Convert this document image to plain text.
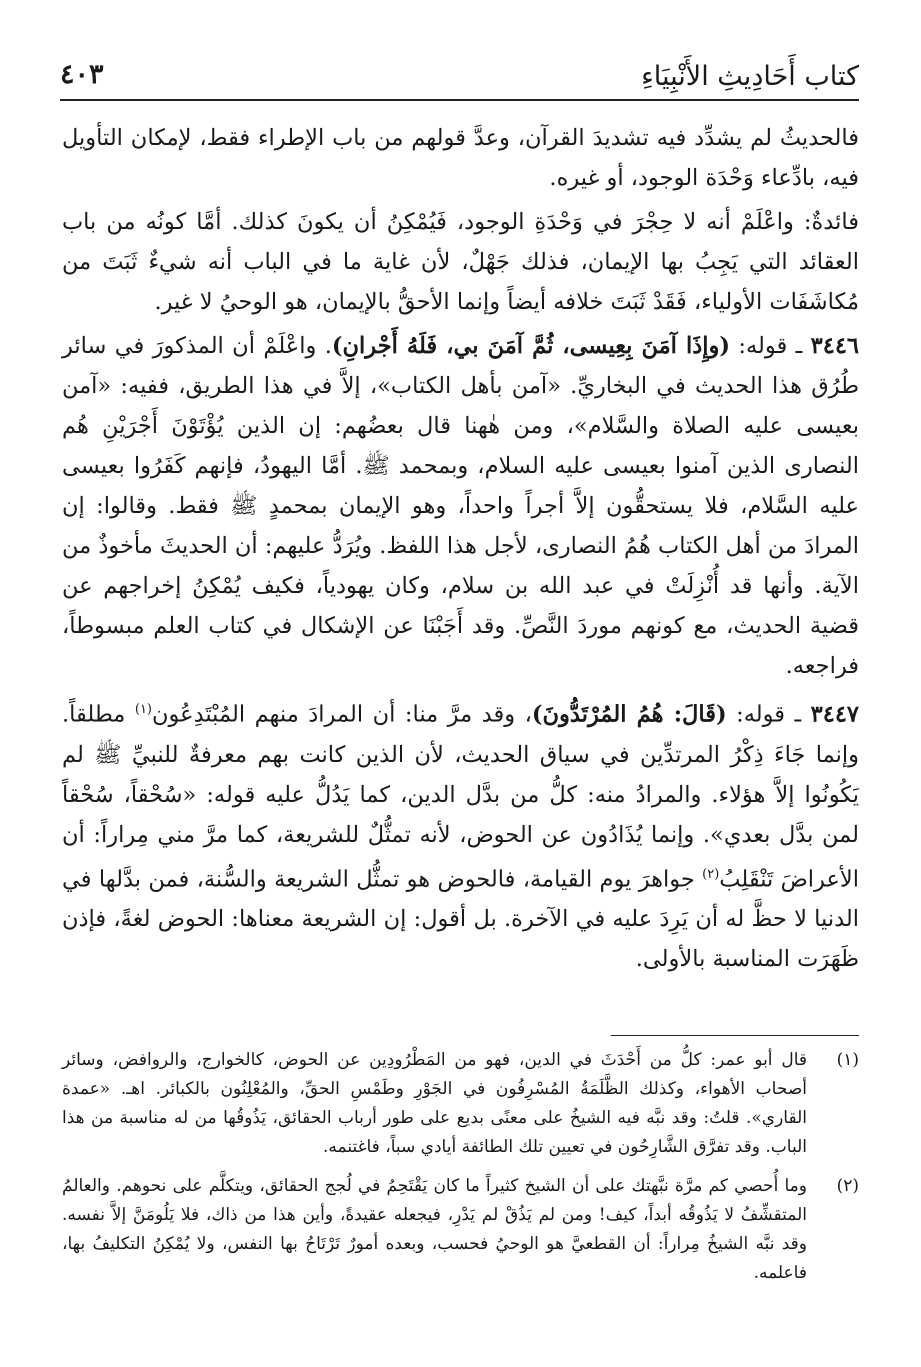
كتاب أَحَادِيثِ الأَنْبِيَاءِ
٤٠٣

فالحديثُ لم يشدِّد فيه تشديدَ القرآن، وعدَّ قولهم من باب الإطراء فقط، لإمكان التأويل فيه، بادِّعاء وَحْدَة الوجود، أو غيره.

فائدةٌ: واعْلَمْ أنه لا حِجْرَ في وَحْدَةِ الوجود، فَيُمْكِنُ أن يكونَ كذلك. أمَّا كونُه من باب العقائد التي يَجِبُ بها الإيمان، فذلك جَهْلٌ، لأن غاية ما في الباب أنه شيءٌ ثَبَتَ من مُكاشَفَات الأولياء، فَقَدْ ثَبَتَ خلافه أيضاً وإنما الأحقُّ بالإيمان، هو الوحيُ لا غير.

٣٤٤٦ ـ قوله: (وإِذَا آمَنَ بِعِيسى، ثُمَّ آمَنَ بي، فَلَهُ أَجْرانِ). واعْلَمْ أن المذكورَ في سائر طُرُق هذا الحديث في البخاريِّ. «آمن بأهل الكتاب»، إلاَّ في هذا الطريق، ففيه: «آمن بعيسى عليه الصلاة والسَّلام»، ومن هٰهنا قال بعضُهم: إن الذين يُؤْتَوْنَ أَجْرَيْنِ هُم النصارى الذين آمنوا بعيسى عليه السلام، وبمحمد ﷺ. أمَّا اليهودُ، فإنهم كَفَرُوا بعيسى عليه السَّلام، فلا يستحقُّون إلاَّ أجراً واحداً، وهو الإيمان بمحمدٍ ﷺ فقط. وقالوا: إن المرادَ من أهل الكتاب هُمُ النصارى، لأجل هذا اللفظ. ويُرَدُّ عليهم: أن الحديثَ مأخوذٌ من الآية. وأنها قد أُنْزِلَتْ في عبد الله بن سلام، وكان يهودياً، فكيف يُمْكِنُ إخراجهم عن قضية الحديث، مع كونهم موردَ النَّصِّ. وقد أَجَبْنَا عن الإشكال في كتاب العلم مبسوطاً، فراجعه.

٣٤٤٧ ـ قوله: (قَالَ: هُمُ المُرْتَدُّونَ)، وقد مرَّ منا: أن المرادَ منهم المُبْتَدِعُون$^{(١)}$ مطلقاً. وإنما جَاءَ ذِكْرُ المرتدِّين في سياق الحديث، لأن الذين كانت بهم معرفةٌ للنبيِّ ﷺ لم يَكُونُوا إلاَّ هؤلاء. والمرادُ منه: كلُّ من بدَّل الدين، كما يَدُلُّ عليه قوله: «سُحْقاً، سُحْقاً لمن بدَّل بعدي». وإنما يُذَادُون عن الحوض، لأنه تمثُّلٌ للشريعة، كما مرَّ مني مِراراً: أن الأعراضَ تَنْقَلِبُ$^{(٢)}$ جواهرَ يوم القيامة، فالحوض هو تمثُّل الشريعة والسُّنة، فمن بدَّلها في الدنيا لا حظَّ له أن يَرِدَ عليه في الآخرة. بل أقول: إن الشريعة معناها: الحوض لغةً، فإذن ظَهَرَت المناسبة بالأولى.

(١)
قال أبو عمر: كلُّ من أَحْدَثَ في الدين، فهو من المَطْرُودِين عن الحوض، كالخوارج، والروافض، وسائر أصحاب الأهواء، وكذلك الظَّلَمَةُ المُسْرِفُون في الجَوْرِ وطَمْسِ الحقِّ، والمُعْلِنُون بالكبائر. اهـ. «عمدة القاري». قلتُ: وقد نبَّه فيه الشيخُ على معنًى بديع على طور أرباب الحقائق، يَذُوقُها من له مناسبة من هذا الباب. وقد تفرَّق الشَّارِحُون في تعيين تلك الطائفة أيادي سباً، فاغتنمه.

(٢)
وما أُحصي كم مرَّة نبَّهتك على أن الشيخ كثيراً ما كان يَقْتَحِمُ في لُجج الحقائق، ويتكلَّم على نحوهم. والعالمُ المتقشِّفُ لا يَذُوقُه أبداً، كيف! ومن لم يَذُقْ لم يَدْرِ، فيجعله عقيدةً، وأين هذا من ذاك، فلا يَلُومَنَّ إلاَّ نفسه. وقد نبَّه الشيخُ مِراراً: أن القطعيَّ هو الوحيُ فحسب، وبعده أمورٌ تَرْتَاحُ بها النفس، ولا يُمْكِنُ التكليفُ بها، فاعلمه.
